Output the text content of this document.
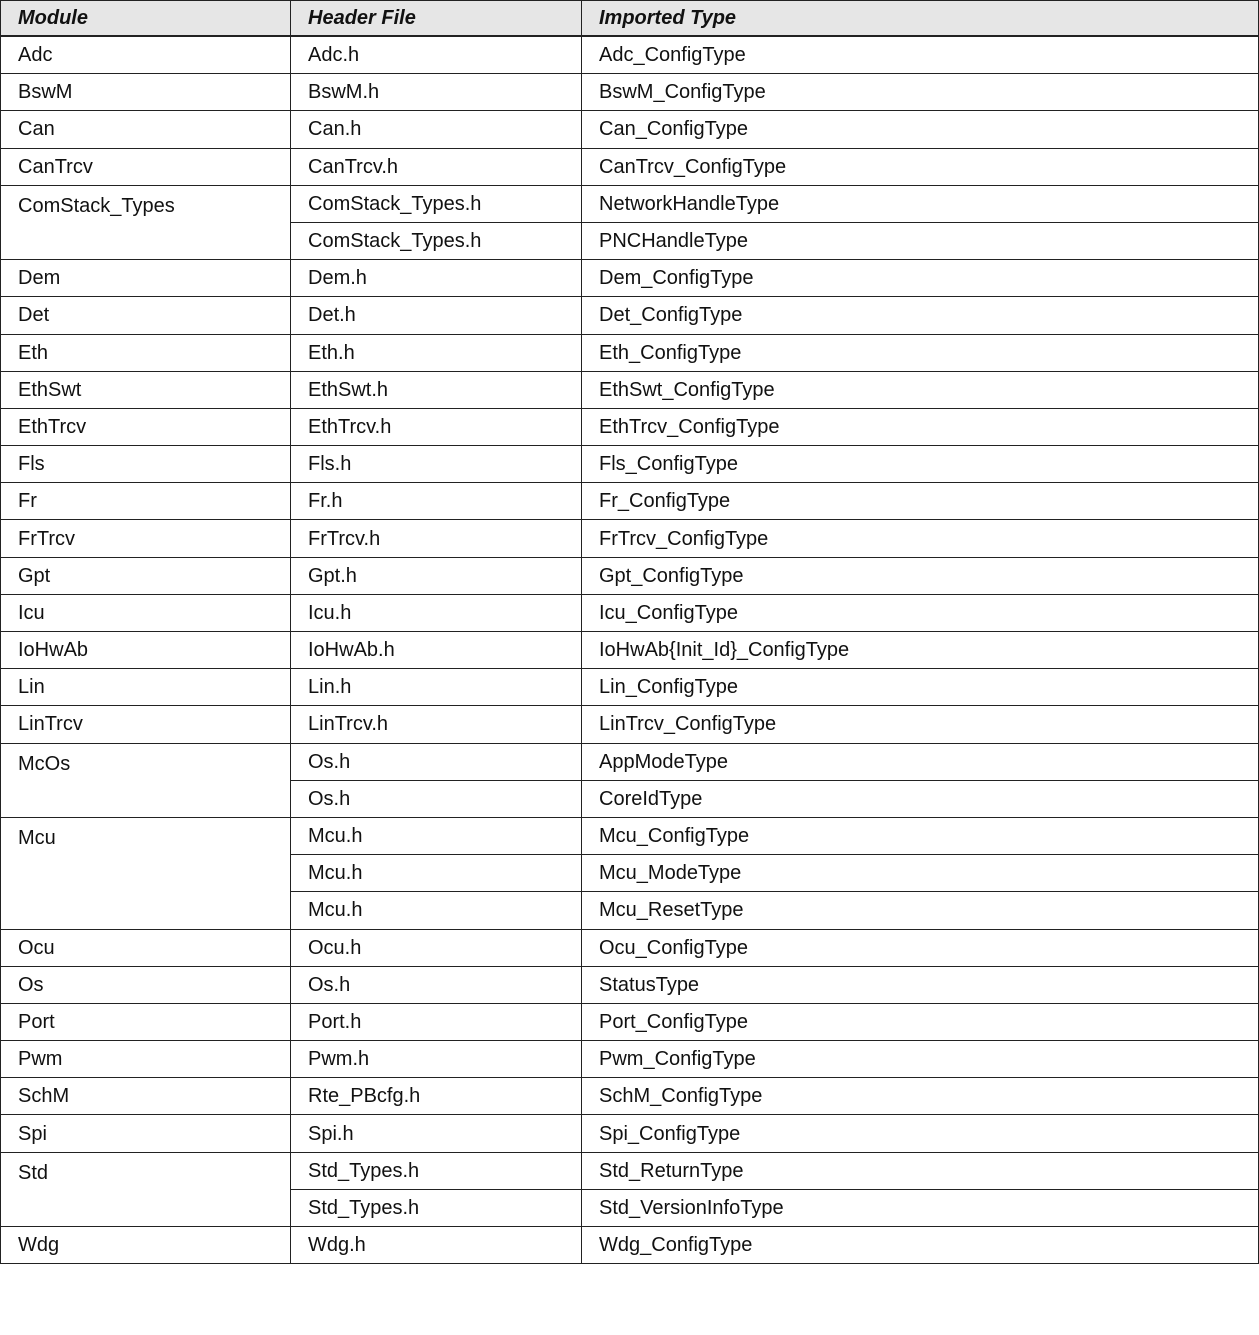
Module	Header File	Imported Type
Adc	Adc.h	Adc_ConfigType
BswM	BswM.h	BswM_ConfigType
Can	Can.h	Can_ConfigType
CanTrcv	CanTrcv.h	CanTrcv_ConfigType
ComStack_Types	ComStack_Types.h	NetworkHandleType
	ComStack_Types.h	PNCHandleType
Dem	Dem.h	Dem_ConfigType
Det	Det.h	Det_ConfigType
Eth	Eth.h	Eth_ConfigType
EthSwt	EthSwt.h	EthSwt_ConfigType
EthTrcv	EthTrcv.h	EthTrcv_ConfigType
Fls	Fls.h	Fls_ConfigType
Fr	Fr.h	Fr_ConfigType
FrTrcv	FrTrcv.h	FrTrcv_ConfigType
Gpt	Gpt.h	Gpt_ConfigType
Icu	Icu.h	Icu_ConfigType
IoHwAb	IoHwAb.h	IoHwAb{Init_Id}_ConfigType
Lin	Lin.h	Lin_ConfigType
LinTrcv	LinTrcv.h	LinTrcv_ConfigType
McOs	Os.h	AppModeType
	Os.h	CoreIdType
Mcu	Mcu.h	Mcu_ConfigType
	Mcu.h	Mcu_ModeType
	Mcu.h	Mcu_ResetType
Ocu	Ocu.h	Ocu_ConfigType
Os	Os.h	StatusType
Port	Port.h	Port_ConfigType
Pwm	Pwm.h	Pwm_ConfigType
SchM	Rte_PBcfg.h	SchM_ConfigType
Spi	Spi.h	Spi_ConfigType
Std	Std_Types.h	Std_ReturnType
	Std_Types.h	Std_VersionInfoType
Wdg	Wdg.h	Wdg_ConfigType
